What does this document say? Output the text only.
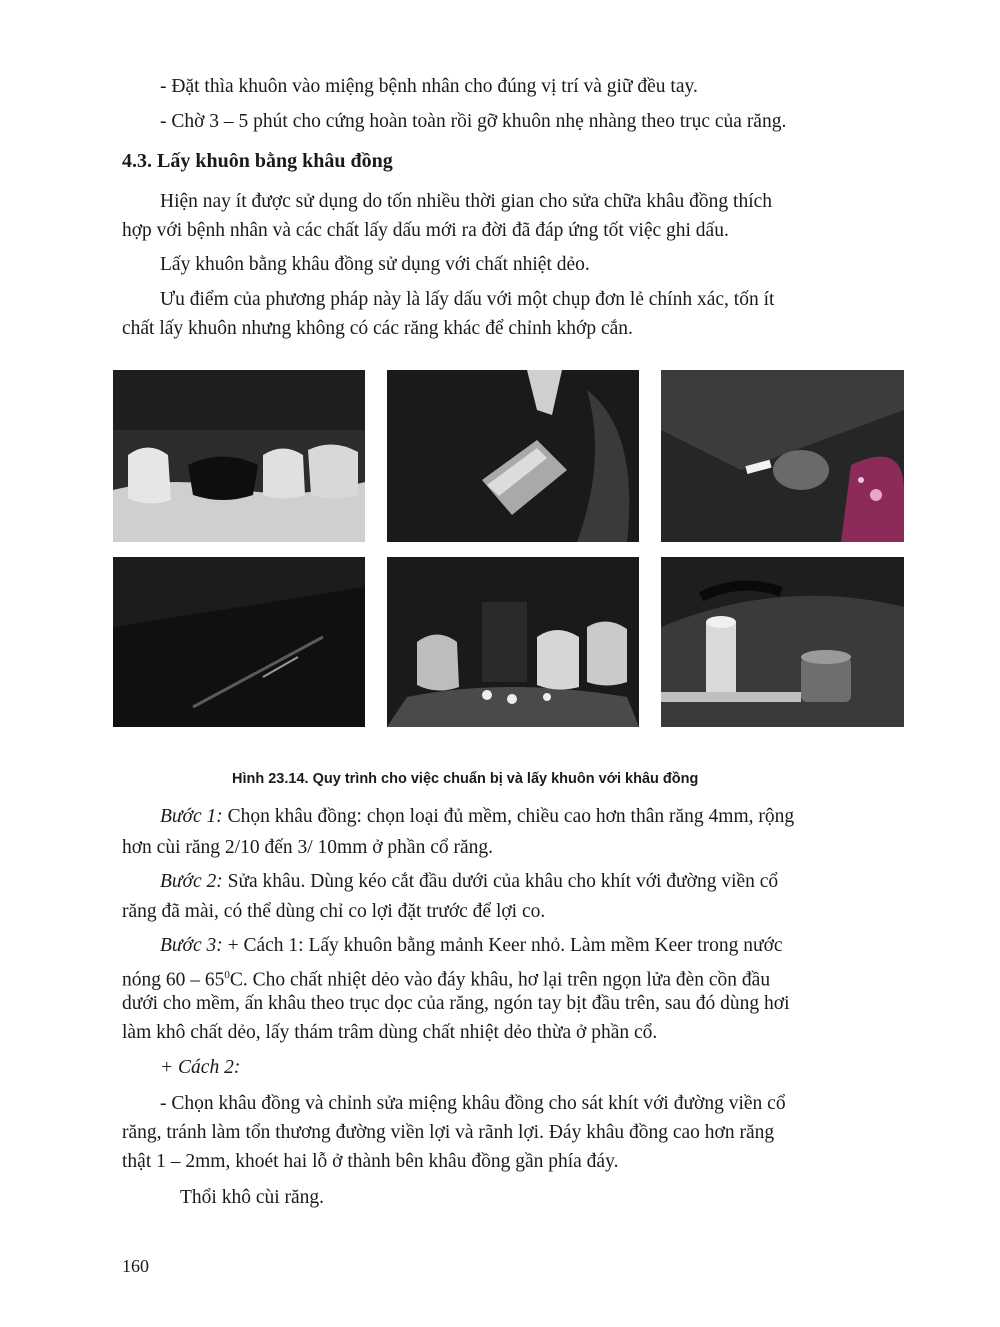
- Đặt thìa khuôn vào miệng bệnh nhân cho đúng vị trí và giữ đều tay.
- Chờ 3 – 5 phút cho cứng hoàn toàn rồi gỡ khuôn nhẹ nhàng theo trục của răng.
4.3. Lấy khuôn bằng khâu đồng
Hiện nay ít được sử dụng do tốn nhiều thời gian cho sửa chữa khâu đồng thích
hợp với bệnh nhân và các chất lấy dấu mới ra đời đã đáp ứng tốt việc ghi dấu.
Lấy khuôn bằng khâu đồng sử dụng với chất nhiệt dẻo.
Ưu điểm của phương pháp này là lấy dấu với một chụp đơn lẻ chính xác, tốn ít
chất lấy khuôn nhưng không có các răng khác để chỉnh khớp cắn.
Hình 23.14. Quy trình cho việc chuẩn bị và lấy khuôn với khâu đồng
Bước 1: Chọn khâu đồng: chọn loại đủ mềm, chiều cao hơn thân răng 4mm, rộng
hơn cùi răng 2/10 đến 3/ 10mm ở phần cổ răng.
Bước 2: Sửa khâu. Dùng kéo cắt đầu dưới của khâu cho khít với đường viền cổ
răng đã mài, có thể dùng chỉ co lợi đặt trước để lợi co.
Bước 3: + Cách 1: Lấy khuôn bằng mảnh Keer nhỏ. Làm mềm Keer trong nước
nóng $60 - 65^0C$. Cho chất nhiệt dẻo vào đáy khâu, hơ lại trên ngọn lửa đèn cồn đầu
dưới cho mềm, ấn khâu theo trục dọc của răng, ngón tay bịt đầu trên, sau đó dùng hơi
làm khô chất dẻo, lấy thám trâm dùng chất nhiệt dẻo thừa ở phần cổ.
+ Cách 2:
- Chọn khâu đồng và chỉnh sửa miệng khâu đồng cho sát khít với đường viền cổ
răng, tránh làm tổn thương đường viền lợi và rãnh lợi. Đáy khâu đồng cao hơn răng
thật 1 – 2mm, khoét hai lỗ ở thành bên khâu đồng gần phía đáy.
Thổi khô cùi răng.
160
